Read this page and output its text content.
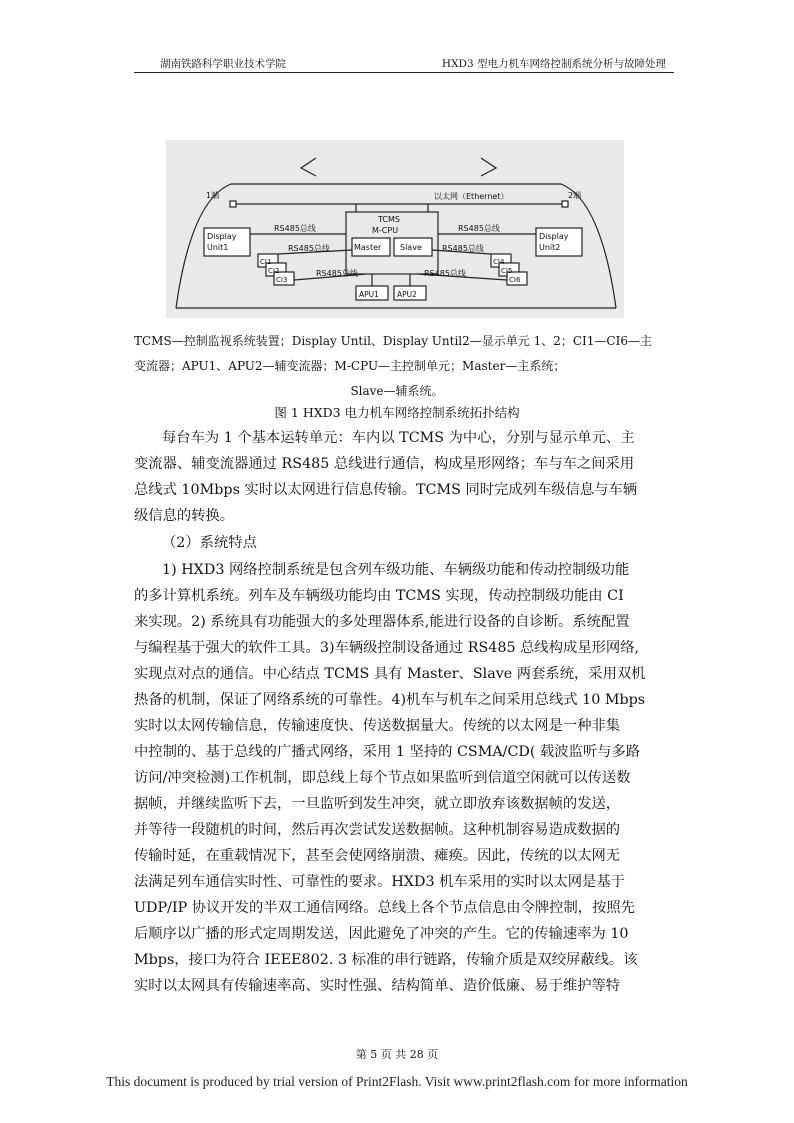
湖南铁路科学职业技术学院	HXD3 型电力机车网络控制系统分析与故障处理
1端	2端
以太网（Ethernet）
RS485总线	RS485总线
RS485总线	RS485总线
RS485总线	RS485总线
TCMS
M-CPU
Master Slave
Display
Unit1
Display
Unit2
CI1
CI2
CI3
CI4
CI5
CI6
APU1 APU2
TCMS—控制监视系统装置；Display Until、Display Until2—显示单元 1、2；CI1—CI6—主
变流器；APU1、APU2—辅变流器；M-CPU—主控制单元；Master—主系统；
Slave—辅系统。
图 1 HXD3 电力机车网络控制系统拓扑结构
每台车为 1 个基本运转单元：车内以 TCMS 为中心，分别与显示单元、主
变流器、辅变流器通过 RS485 总线进行通信，构成星形网络；车与车之间采用
总线式 10Mbps 实时以太网进行信息传输。TCMS 同时完成列车级信息与车辆
级信息的转换。
（2）系统特点
1) HXD3 网络控制系统是包含列车级功能、车辆级功能和传动控制级功能
的多计算机系统。列车及车辆级功能均由 TCMS 实现，传动控制级功能由 CI
来实现。2) 系统具有功能强大的多处理器体系,能进行设备的自诊断。系统配置
与编程基于强大的软件工具。3)车辆级控制设备通过 RS485 总线构成星形网络,
实现点对点的通信。中心结点 TCMS 具有 Master、Slave 两套系统，采用双机
热备的机制，保证了网络系统的可靠性。4)机车与机车之间采用总线式 10 Mbps
实时以太网传输信息，传输速度快、传送数据量大。传统的以太网是一种非集
中控制的、基于总线的广播式网络，采用 1 坚持的 CSMA/CD( 载波监听与多路
访问/冲突检测)工作机制，即总线上每个节点如果监听到信道空闲就可以传送数
据帧，并继续监听下去，一旦监听到发生冲突，就立即放弃该数据帧的发送，
并等待一段随机的时间，然后再次尝试发送数据帧。这种机制容易造成数据的
传输时延，在重载情况下，甚至会使网络崩溃、瘫痪。因此，传统的以太网无
法满足列车通信实时性、可靠性的要求。HXD3 机车采用的实时以太网是基于
UDP/IP 协议开发的半双工通信网络。总线上各个节点信息由令牌控制，按照先
后顺序以广播的形式定周期发送，因此避免了冲突的产生。它的传输速率为 10
Mbps，接口为符合 IEEE802. 3 标准的串行链路，传输介质是双绞屏蔽线。该
实时以太网具有传输速率高、实时性强、结构简单、造价低廉、易于维护等特
第 5 页 共 28 页
This document is produced by trial version of Print2Flash. Visit www.print2flash.com for more information
